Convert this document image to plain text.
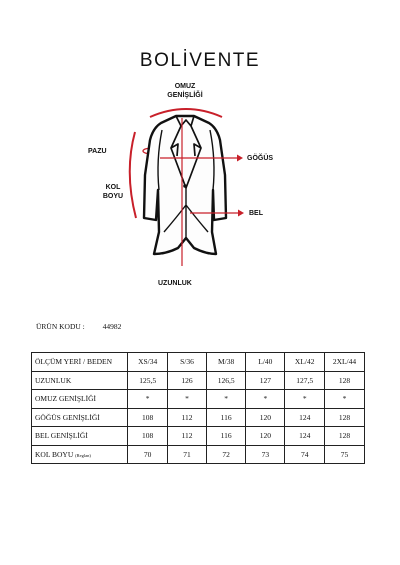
BOLİVENTE
OMUZ
GENİŞLİĞİ
PAZU
GÖĞÜS
KOL
BOYU
BEL
UZUNLUK
ÜRÜN KODU : 44982
ÖLÇÜM YERİ / BEDEN	XS/34	S/36	M/38	L/40	XL/42	2XL/44
UZUNLUK	125,5	126	126,5	127	127,5	128
OMUZ GENİŞLİĞİ	*	*	*	*	*	*
GÖĞÜS GENİŞLİĞİ	108	112	116	120	124	128
BEL GENİŞLİĞİ	108	112	116	120	124	128
KOL BOYU (Reglan)	70	71	72	73	74	75
